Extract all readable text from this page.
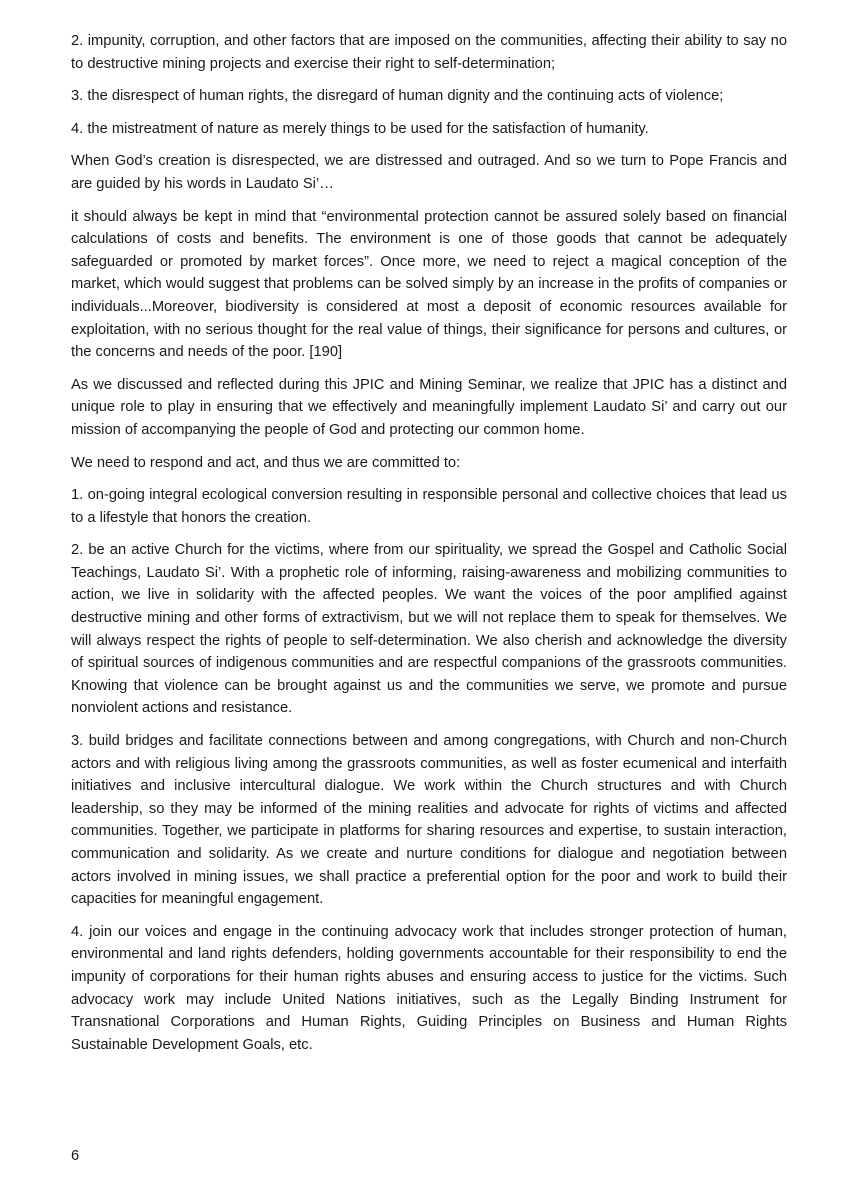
2. impunity, corruption, and other factors that are imposed on the communities, affecting their ability to say no to destructive mining projects and exercise their right to self-determination;

3. the disrespect of human rights, the disregard of human dignity and the continuing acts of violence;

4. the mistreatment of nature as merely things to be used for the satisfaction of humanity.

When God’s creation is disrespected, we are distressed and outraged. And so we turn to Pope Francis and are guided by his words in Laudato Si’…

it should always be kept in mind that “environmental protection cannot be assured solely based on financial calculations of costs and benefits. The environment is one of those goods that cannot be adequately safeguarded or promoted by market forces”. Once more, we need to reject a magical conception of the market, which would suggest that problems can be solved simply by an increase in the profits of companies or individuals...Moreover, biodiversity is considered at most a deposit of economic resources available for exploitation, with no serious thought for the real value of things, their significance for persons and cultures, or the concerns and needs of the poor. [190]

As we discussed and reflected during this JPIC and Mining Seminar, we realize that JPIC has a distinct and unique role to play in ensuring that we effectively and meaningfully implement Laudato Si’ and carry out our mission of accompanying the people of God and protecting our common home.

We need to respond and act, and thus we are committed to:

1. on-going integral ecological conversion resulting in responsible personal and collective choices that lead us to a lifestyle that honors the creation.

2. be an active Church for the victims, where from our spirituality, we spread the Gospel and Catholic Social Teachings, Laudato Si’. With a prophetic role of informing, raising-awareness and mobilizing communities to action, we live in solidarity with the affected peoples. We want the voices of the poor amplified against destructive mining and other forms of extractivism, but we will not replace them to speak for themselves. We will always respect the rights of people to self-determination. We also cherish and acknowledge the diversity of spiritual sources of indigenous communities and are respectful companions of the grassroots communities. Knowing that violence can be brought against us and the communities we serve, we promote and pursue nonviolent actions and resistance.

3. build bridges and facilitate connections between and among congregations, with Church and non-Church actors and with religious living among the grassroots communities, as well as foster ecumenical and interfaith initiatives and inclusive intercultural dialogue. We work within the Church structures and with Church leadership, so they may be informed of the mining realities and advocate for rights of victims and affected communities. Together, we participate in platforms for sharing resources and expertise, to sustain interaction, communication and solidarity. As we create and nurture conditions for dialogue and negotiation between actors involved in mining issues, we shall practice a preferential option for the poor and work to build their capacities for meaningful engagement.

4. join our voices and engage in the continuing advocacy work that includes stronger protection of human, environmental and land rights defenders, holding governments accountable for their responsibility to end the impunity of corporations for their human rights abuses and ensuring access to justice for the victims. Such advocacy work may include United Nations initiatives, such as the Legally Binding Instrument for Transnational Corporations and Human Rights, Guiding Principles on Business and Human Rights Sustainable Development Goals, etc.

6
